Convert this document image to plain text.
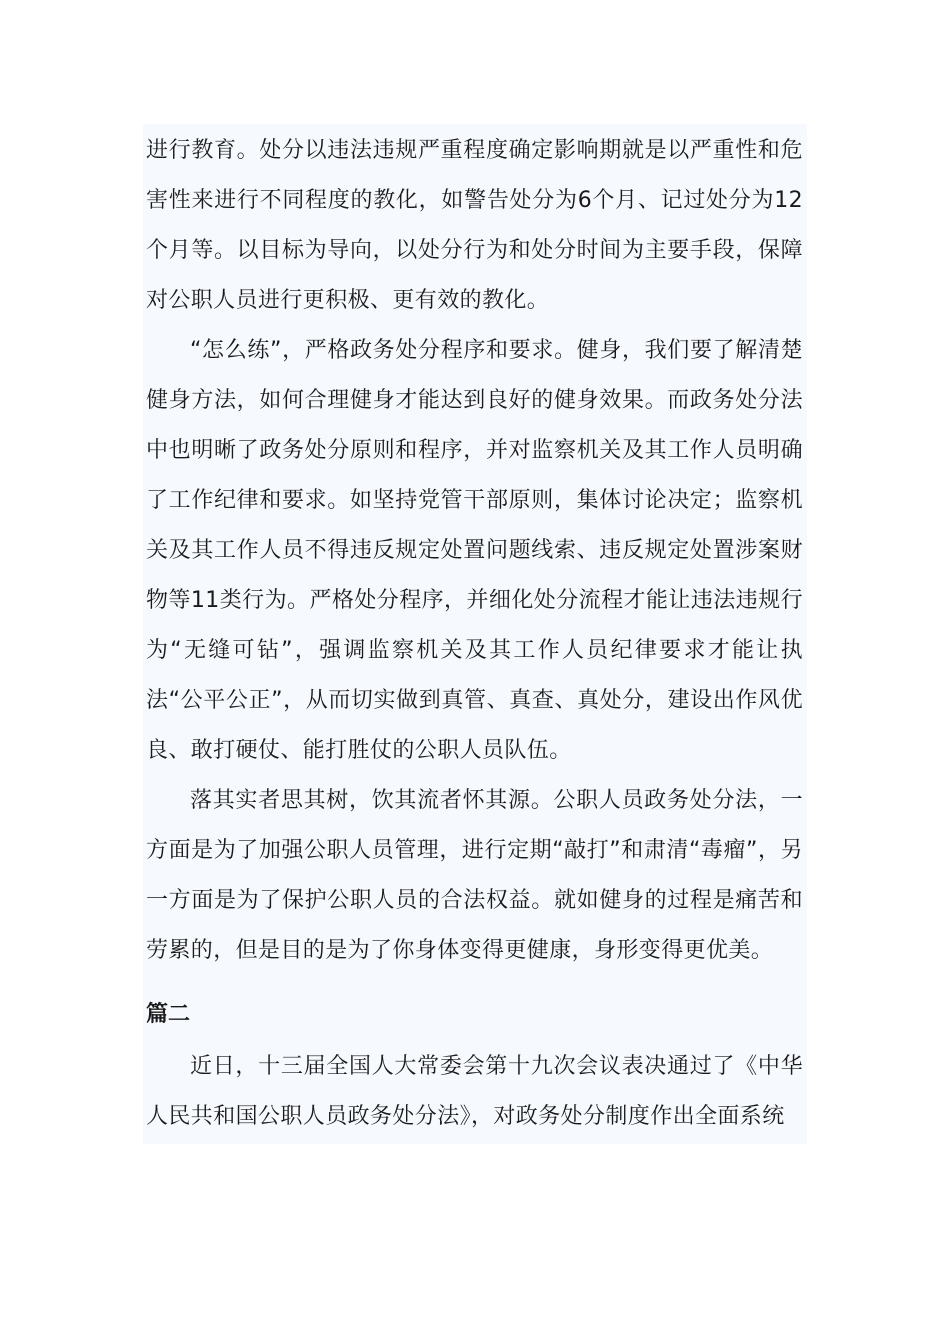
进行教育。处分以违法违规严重程度确定影响期就是以严重性和危害性来进行不同程度的教化，如警告处分为6个月、记过处分为12个月等。以目标为导向，以处分行为和处分时间为主要手段，保障对公职人员进行更积极、更有效的教化。

“怎么练”，严格政务处分程序和要求。健身，我们要了解清楚健身方法，如何合理健身才能达到良好的健身效果。而政务处分法中也明晰了政务处分原则和程序，并对监察机关及其工作人员明确了工作纪律和要求。如坚持党管干部原则，集体讨论决定；监察机关及其工作人员不得违反规定处置问题线索、违反规定处置涉案财物等11类行为。严格处分程序，并细化处分流程才能让违法违规行为“无缝可钻”，强调监察机关及其工作人员纪律要求才能让执法“公平公正”，从而切实做到真管、真查、真处分，建设出作风优良、敢打硬仗、能打胜仗的公职人员队伍。

落其实者思其树，饮其流者怀其源。公职人员政务处分法，一方面是为了加强公职人员管理，进行定期“敲打”和肃清“毒瘤”，另一方面是为了保护公职人员的合法权益。就如健身的过程是痛苦和劳累的，但是目的是为了你身体变得更健康，身形变得更优美。

篇二

近日，十三届全国人大常委会第十九次会议表决通过了《中华人民共和国公职人员政务处分法》，对政务处分制度作出全面系统
